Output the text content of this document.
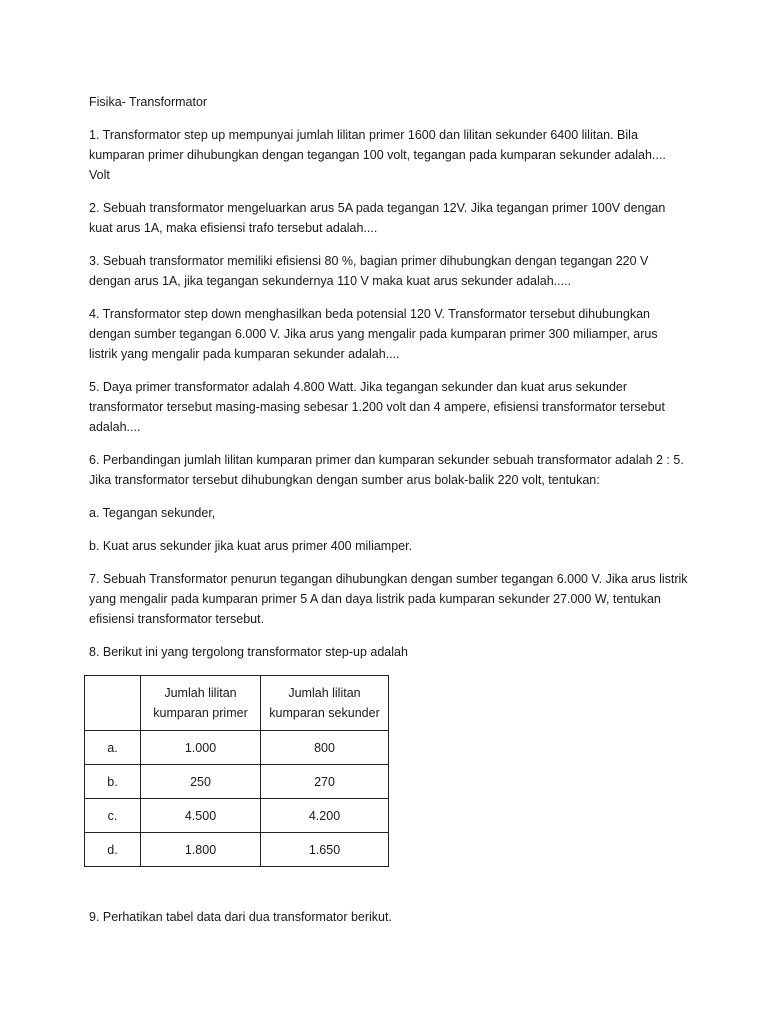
Fisika- Transformator

1. Transformator step up mempunyai jumlah lilitan primer 1600 dan lilitan sekunder 6400 lilitan. Bila kumparan primer dihubungkan dengan tegangan 100 volt, tegangan pada kumparan sekunder adalah.... Volt

2. Sebuah transformator mengeluarkan arus 5A pada tegangan 12V. Jika tegangan primer 100V dengan kuat arus 1A, maka efisiensi trafo tersebut adalah....

3. Sebuah transformator memiliki efisiensi 80 %, bagian primer dihubungkan dengan tegangan 220 V dengan arus 1A, jika tegangan sekundernya 110 V maka kuat arus sekunder adalah.....

4. Transformator step down menghasilkan beda potensial 120 V. Transformator tersebut dihubungkan dengan sumber tegangan 6.000 V. Jika arus yang mengalir pada kumparan primer 300 miliamper, arus listrik yang mengalir pada kumparan sekunder adalah....

5. Daya primer transformator adalah 4.800 Watt. Jika tegangan sekunder dan kuat arus sekunder transformator tersebut masing-masing sebesar 1.200 volt dan 4 ampere, efisiensi transformator tersebut adalah....

6. Perbandingan jumlah lilitan kumparan primer dan kumparan sekunder sebuah transformator adalah 2 : 5. Jika transformator tersebut dihubungkan dengan sumber arus bolak-balik 220 volt, tentukan:

a. Tegangan sekunder,

b. Kuat arus sekunder jika kuat arus primer 400 miliamper.

7. Sebuah Transformator penurun tegangan dihubungkan dengan sumber tegangan 6.000 V. Jika arus listrik yang mengalir pada kumparan primer 5 A dan daya listrik pada kumparan sekunder 27.000 W, tentukan efisiensi transformator tersebut.

8. Berikut ini yang tergolong transformator step-up adalah

	Jumlah lilitan kumparan primer	Jumlah lilitan kumparan sekunder
a.	1.000	800
b.	250	270
c.	4.500	4.200
d.	1.800	1.650

9. Perhatikan tabel data dari dua transformator berikut.
